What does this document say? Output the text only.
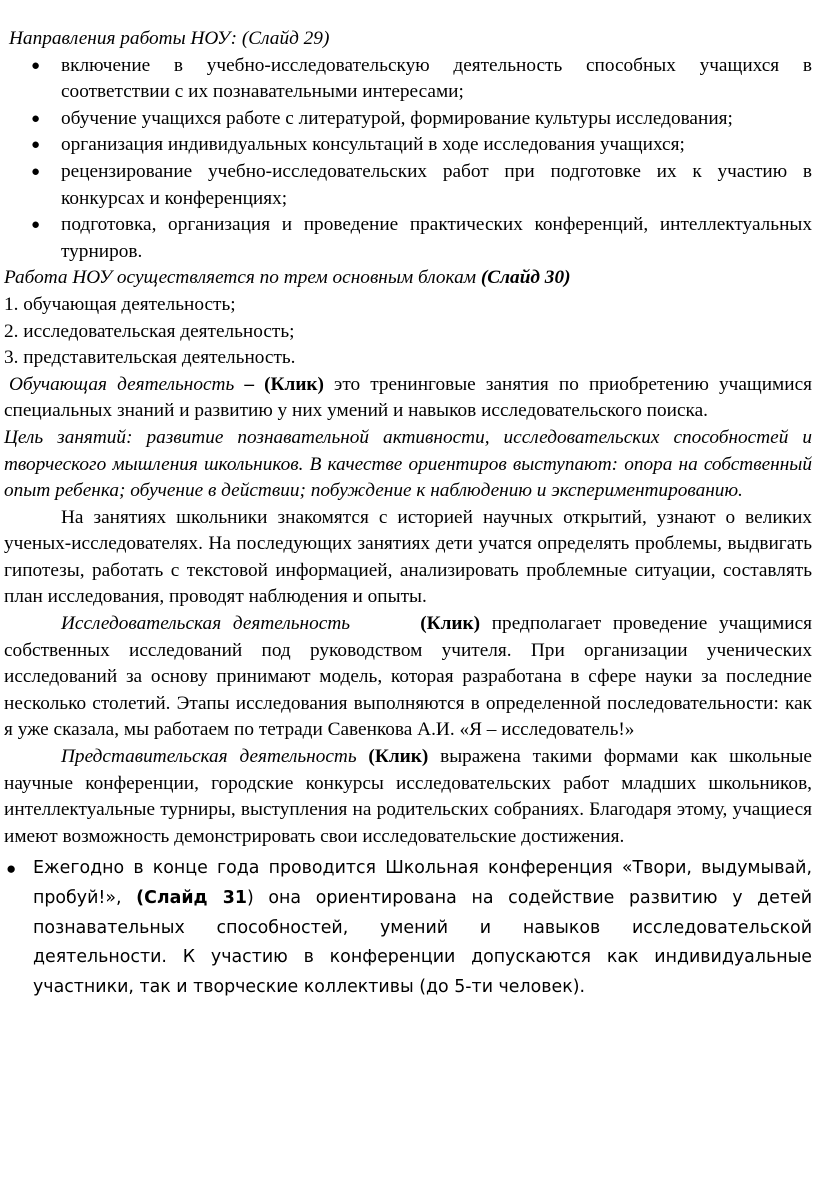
Направления работы НОУ: (Слайд 29)

● включение в учебно-исследовательскую деятельность способных учащихся в соответствии с их познавательными интересами;
● обучение учащихся работе с литературой, формирование культуры исследования;
● организация индивидуальных консультаций в ходе исследования учащихся;
● рецензирование учебно-исследовательских работ при подготовке их к участию в конкурсах и конференциях;
● подготовка, организация и проведение практических конференций, интеллектуальных турниров.

Работа НОУ осуществляется по трем основным блокам (Слайд 30)

1. обучающая деятельность;

2. исследовательская деятельность;

3. представительская деятельность.

Обучающая деятельность – (Клик) это тренинговые занятия по приобретению учащимися специальных знаний и развитию у них умений и навыков исследовательского поиска.

Цель занятий: развитие познавательной активности, исследовательских способностей и творческого мышления школьников. В качестве ориентиров выступают: опора на собственный опыт ребенка; обучение в действии; побуждение к наблюдению и экспериментированию.

На занятиях школьники знакомятся с историей научных открытий, узнают о великих ученых-исследователях. На последующих занятиях дети учатся определять проблемы, выдвигать гипотезы, работать с текстовой информацией, анализировать проблемные ситуации, составлять план исследования, проводят наблюдения и опыты.

Исследовательская деятельность	(Клик) предполагает проведение учащимися собственных исследований под руководством учителя. При организации ученических исследований за основу принимают модель, которая разработана в сфере науки за последние несколько столетий. Этапы исследования выполняются в определенной последовательности: как я уже сказала, мы работаем по тетради Савенкова А.И. «Я – исследователь!»

Представительская деятельность (Клик) выражена такими формами как школьные научные конференции, городские конкурсы исследовательских работ младших школьников, интеллектуальные турниры, выступления на родительских собраниях. Благодаря этому, учащиеся имеют возможность демонстрировать свои исследовательские достижения.

● Ежегодно в конце года проводится Школьная конференция «Твори, выдумывай, пробуй!», (Слайд 31) она ориентирована на содействие развитию у детей познавательных способностей, умений и навыков исследовательской деятельности. К участию в конференции допускаются как индивидуальные участники, так и творческие коллективы (до 5-ти человек).
